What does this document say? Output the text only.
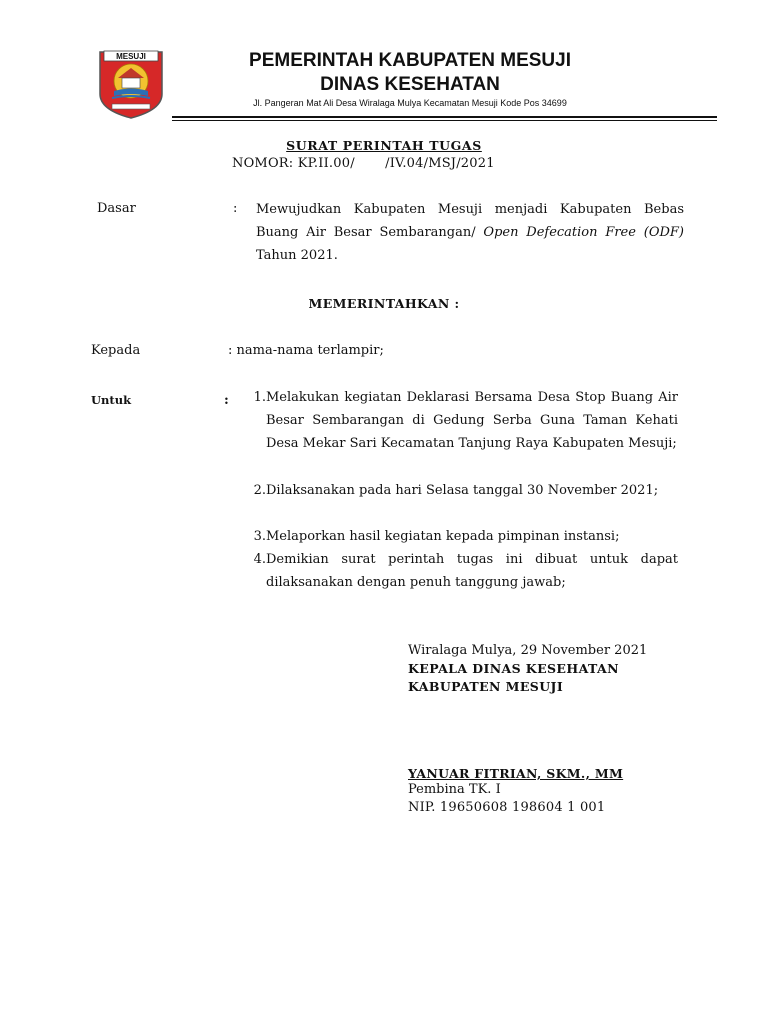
MESUJI	PEMERINTAH KABUPATEN MESUJI
DINAS KESEHATAN
Jl. Pangeran Mat Ali Desa Wiralaga Mulya Kecamatan Mesuji Kode Pos 34699
SURAT PERINTAH TUGAS
NOMOR: KP.II.00/       /IV.04/MSJ/2021
Dasar	: Mewujudkan Kabupaten Mesuji menjadi Kabupaten Bebas Buang Air Besar Sembarangan/ Open Defecation Free (ODF) Tahun 2021.
MEMERINTAHKAN :
Kepada	: nama-nama terlampir;
Untuk	:	1. Melakukan kegiatan Deklarasi Bersama Desa Stop Buang Air Besar Sembarangan di Gedung Serba Guna Taman Kehati Desa Mekar Sari Kecamatan Tanjung Raya Kabupaten Mesuji;
2. Dilaksanakan pada hari Selasa tanggal 30 November 2021;
3. Melaporkan hasil kegiatan kepada pimpinan instansi;
4. Demikian surat perintah tugas ini dibuat untuk dapat dilaksanakan dengan penuh tanggung jawab;
Wiralaga Mulya, 29 November 2021
KEPALA DINAS KESEHATAN
KABUPATEN MESUJI
YANUAR FITRIAN, SKM., MM
Pembina TK. I
NIP. 19650608 198604 1 001
